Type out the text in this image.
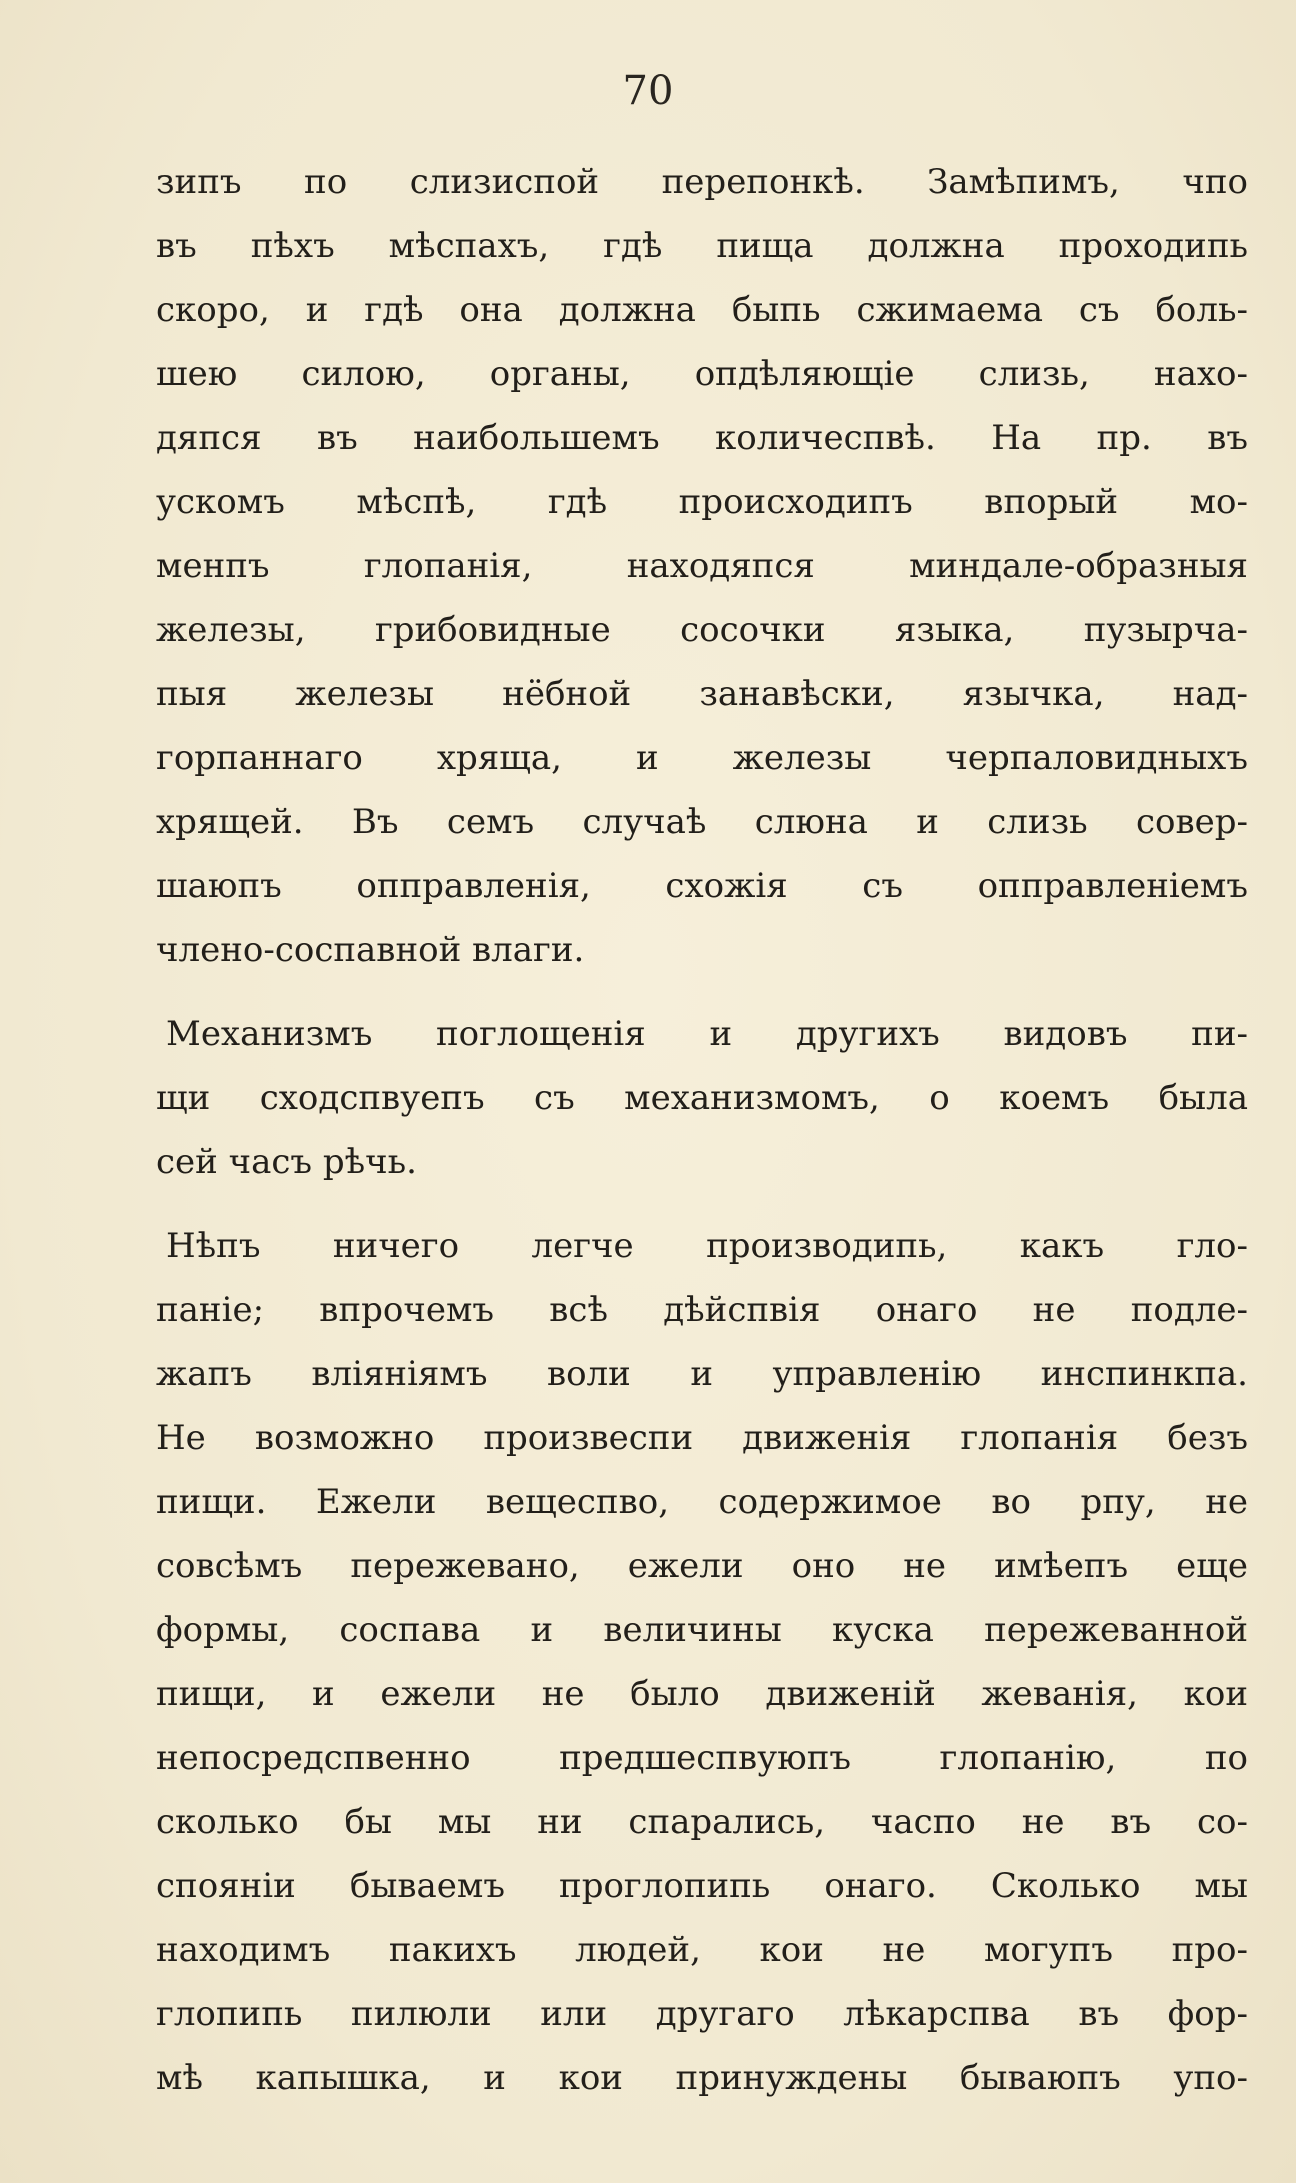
70
зипъ по слизиспой перепонкѣ. Замѣпимъ, чпо
въ пѣхъ мѣспахъ, гдѣ пища должна проходипь
скоро, и гдѣ она должна быпь сжимаема съ боль-
шею силою, органы, опдѣляющіе слизь, нахо-
дяпся въ наибольшемъ количеспвѣ. На пр. въ
ускомъ мѣспѣ, гдѣ происходипъ впорый мо-
менпъ глопанія, находяпся миндале-образныя
железы, грибовидные сосочки языка, пузырча-
пыя железы нёбной занавѣски, язычка, над-
горпаннаго хряща, и железы черпаловидныхъ
хрящей. Въ семъ случаѣ слюна и слизь совер-
шаюпъ опправленія, схожія съ опправленіемъ
члено-соспавной влаги.
Механизмъ поглощенія и другихъ видовъ пи-
щи сходспвуепъ съ механизмомъ, о коемъ была
сей часъ рѣчь.
Нѣпъ ничего легче производипь, какъ гло-
паніе; впрочемъ всѣ дѣйспвія онаго не подле-
жапъ вліяніямъ воли и управленію инспинкпа.
Не возможно произвеспи движенія глопанія безъ
пищи. Ежели вещеспво, содержимое во рпу, не
совсѣмъ пережевано, ежели оно не имѣепъ еще
формы, соспава и величины куска пережеванной
пищи, и ежели не было движеній жеванія, кои
непосредспвенно предшеспвуюпъ глопанію, по
сколько бы мы ни спарались, часпо не въ со-
спояніи бываемъ проглопипь онаго. Сколько мы
находимъ пакихъ людей, кои не могупъ про-
глопипь пилюли или другаго лѣкарспва въ фор-
мѣ капышка, и кои принуждены бываюпъ упо-
